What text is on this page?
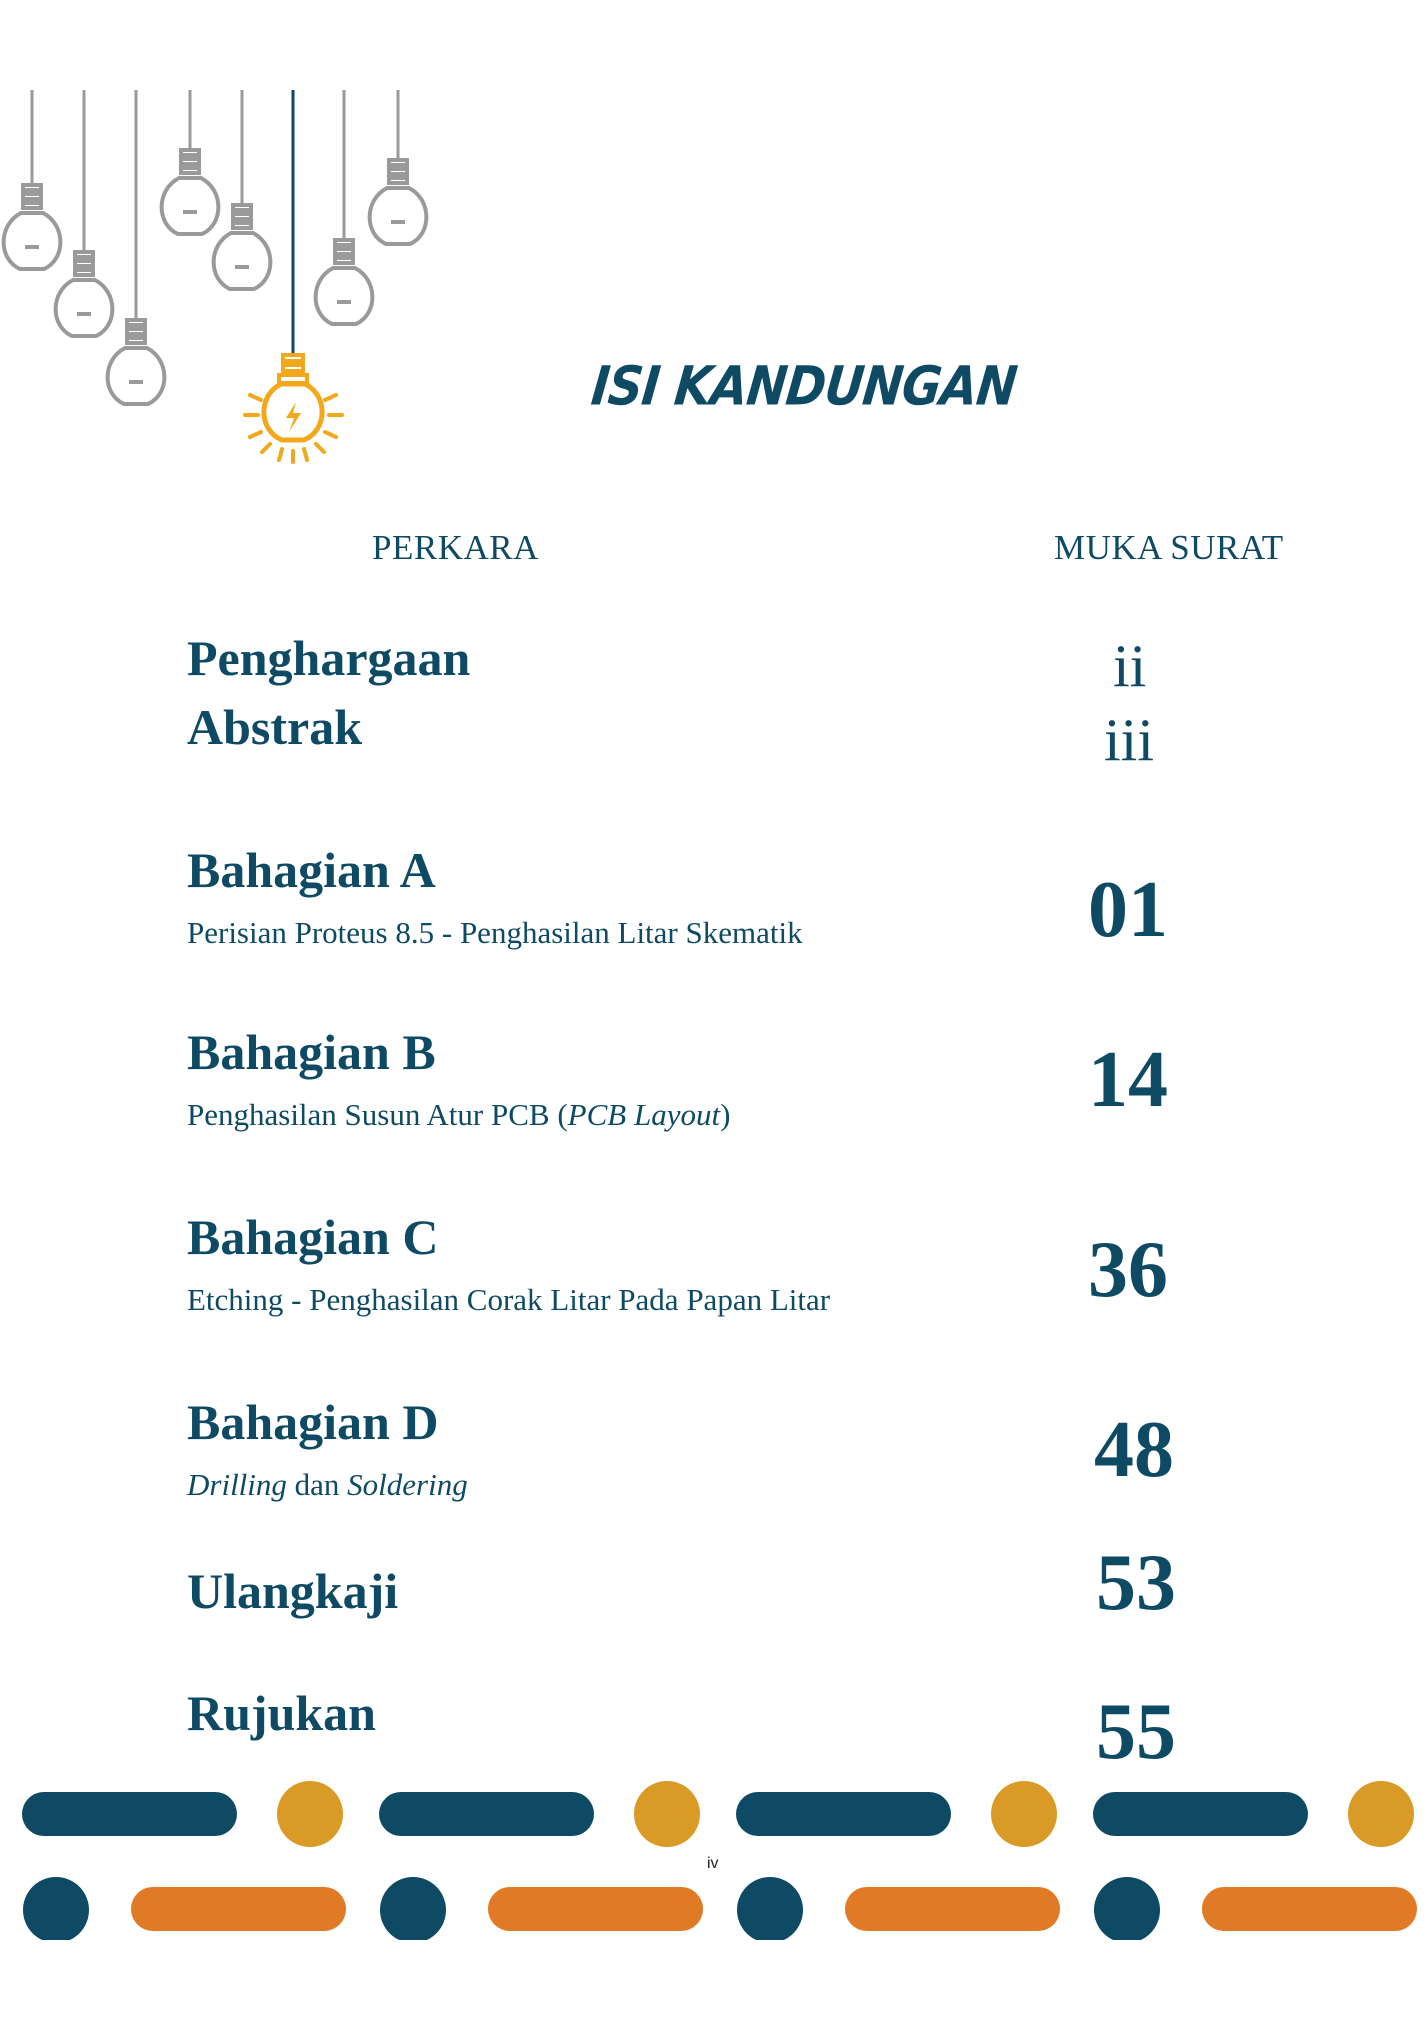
ISI KANDUNGAN
PERKARA	MUKA SURAT
Penghargaan	ii
Abstrak	iii
Bahagian A
Perisian Proteus 8.5 - Penghasilan Litar Skematik	01
Bahagian B
Penghasilan Susun Atur PCB (PCB Layout)	14
Bahagian C
Etching - Penghasilan Corak Litar Pada Papan Litar	36
Bahagian D
Drilling dan Soldering	48
Ulangkaji	53
Rujukan	55
iv
